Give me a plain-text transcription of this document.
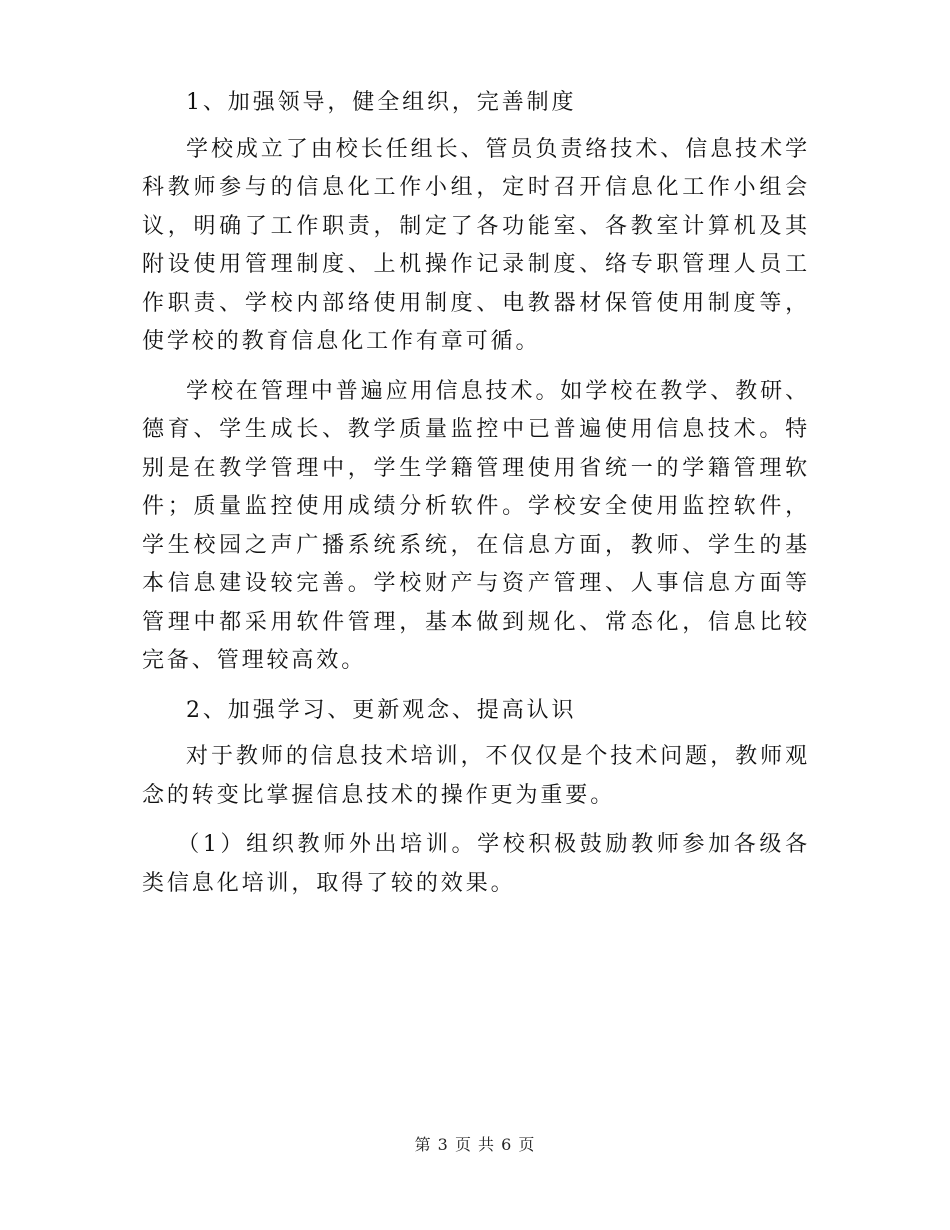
1、加强领导，健全组织，完善制度

学校成立了由校长任组长、管员负责络技术、信息技术学科教师参与的信息化工作小组，定时召开信息化工作小组会议，明确了工作职责，制定了各功能室、各教室计算机及其附设使用管理制度、上机操作记录制度、络专职管理人员工作职责、学校内部络使用制度、电教器材保管使用制度等，使学校的教育信息化工作有章可循。

学校在管理中普遍应用信息技术。如学校在教学、教研、德育、学生成长、教学质量监控中已普遍使用信息技术。特别是在教学管理中，学生学籍管理使用省统一的学籍管理软件；质量监控使用成绩分析软件。学校安全使用监控软件，学生校园之声广播系统系统，在信息方面，教师、学生的基本信息建设较完善。学校财产与资产管理、人事信息方面等管理中都采用软件管理，基本做到规化、常态化，信息比较完备、管理较高效。

2、加强学习、更新观念、提高认识

对于教师的信息技术培训，不仅仅是个技术问题，教师观念的转变比掌握信息技术的操作更为重要。

（1）组织教师外出培训。学校积极鼓励教师参加各级各类信息化培训，取得了较的效果。

第 3 页 共 6 页
